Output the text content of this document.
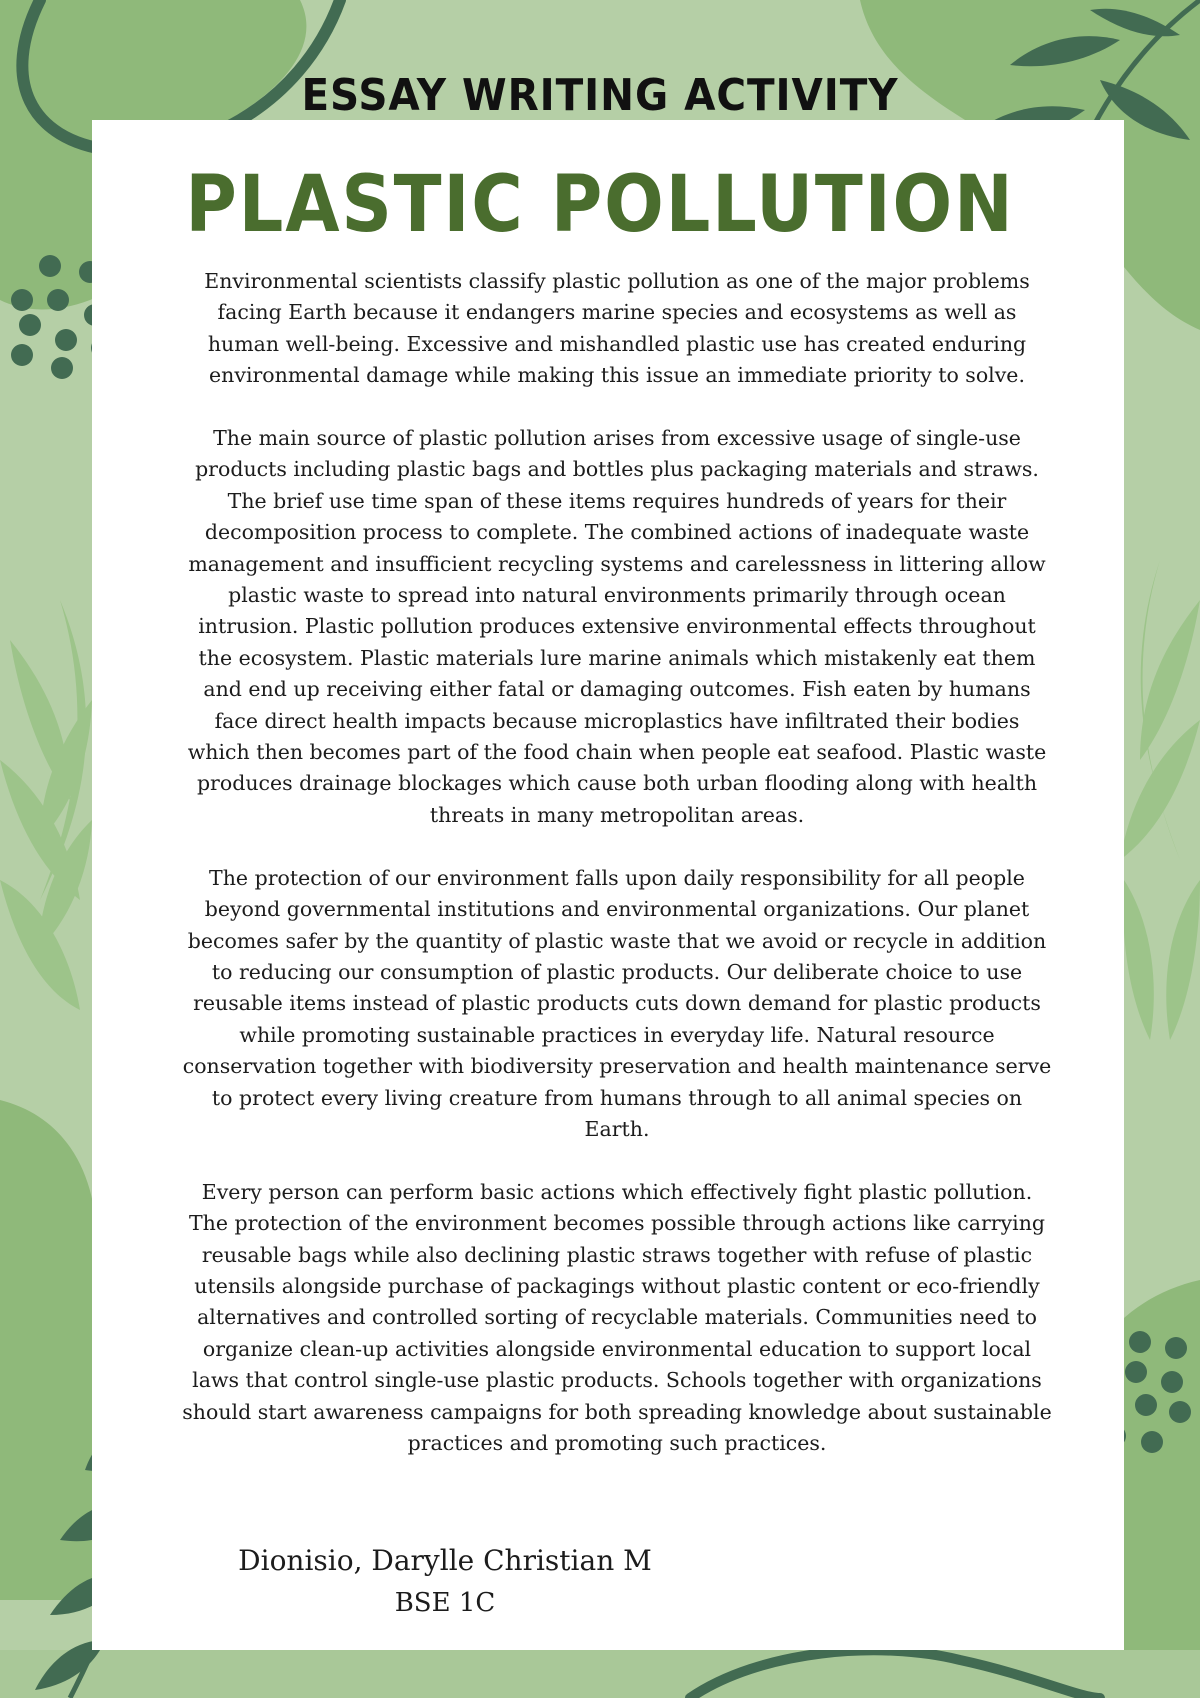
ESSAY WRITING ACTIVITY
PLASTIC POLLUTION

Environmental scientists classify plastic pollution as one of the major problems facing Earth because it endangers marine species and ecosystems as well as human well-being. Excessive and mishandled plastic use has created enduring environmental damage while making this issue an immediate priority to solve.

The main source of plastic pollution arises from excessive usage of single-use products including plastic bags and bottles plus packaging materials and straws. The brief use time span of these items requires hundreds of years for their decomposition process to complete. The combined actions of inadequate waste management and insufficient recycling systems and carelessness in littering allow plastic waste to spread into natural environments primarily through ocean intrusion. Plastic pollution produces extensive environmental effects throughout the ecosystem. Plastic materials lure marine animals which mistakenly eat them and end up receiving either fatal or damaging outcomes. Fish eaten by humans face direct health impacts because microplastics have infiltrated their bodies which then becomes part of the food chain when people eat seafood. Plastic waste produces drainage blockages which cause both urban flooding along with health threats in many metropolitan areas.

The protection of our environment falls upon daily responsibility for all people beyond governmental institutions and environmental organizations. Our planet becomes safer by the quantity of plastic waste that we avoid or recycle in addition to reducing our consumption of plastic products. Our deliberate choice to use reusable items instead of plastic products cuts down demand for plastic products while promoting sustainable practices in everyday life. Natural resource conservation together with biodiversity preservation and health maintenance serve to protect every living creature from humans through to all animal species on Earth.

Every person can perform basic actions which effectively fight plastic pollution. The protection of the environment becomes possible through actions like carrying reusable bags while also declining plastic straws together with refuse of plastic utensils alongside purchase of packagings without plastic content or eco-friendly alternatives and controlled sorting of recyclable materials. Communities need to organize clean-up activities alongside environmental education to support local laws that control single-use plastic products. Schools together with organizations should start awareness campaigns for both spreading knowledge about sustainable practices and promoting such practices.

Dionisio, Darylle Christian M
BSE 1C
